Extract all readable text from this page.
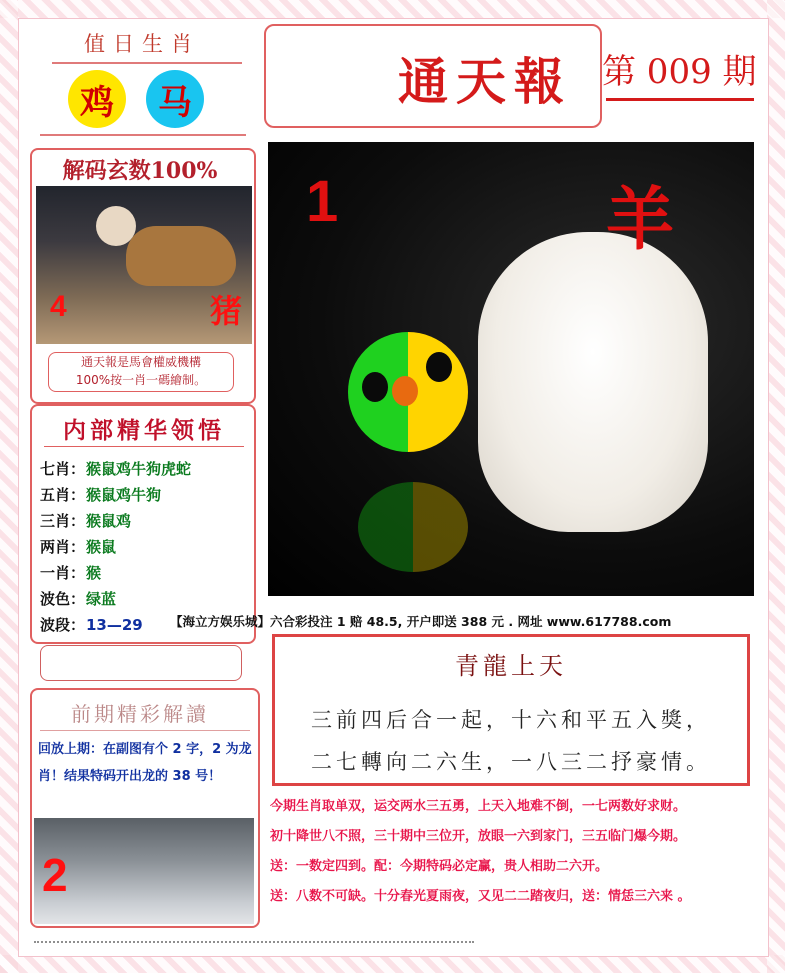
值日生肖
鸡	马
解码玄数100%
4	猪
通天報是馬會權威機構
100%按一肖一碼繪制。
内部精华领悟
七肖：猴鼠鸡牛狗虎蛇
五肖：猴鼠鸡牛狗
三肖：猴鼠鸡
两肖：猴鼠
一肖：猴
波色：绿蓝
波段：13—29
前期精彩解讀
回放上期：在副图有个 2 字，2 为龙肖！结果特码开出龙的 38 号！
2
通天報 第 009 期
1	羊
【海立方娱乐城】六合彩投注 1 赔 48.5, 开户即送 388 元 . 网址 www.617788.com
青龍上天
三前四后合一起，十六和平五入獎，
二七轉向二六生，一八三二抒豪情。
今期生肖取单双，运交两水三五勇，上天入地难不倒，一七两数好求财。
初十降世八不照，三十期中三位开，放眼一六到家门，三五临门爆今期。
送：一数定四到。配：今期特码必定赢，贵人相助二六开。
送：八数不可缺。十分春光夏雨夜，又见二二踏夜归，送：情恁三六来 。
